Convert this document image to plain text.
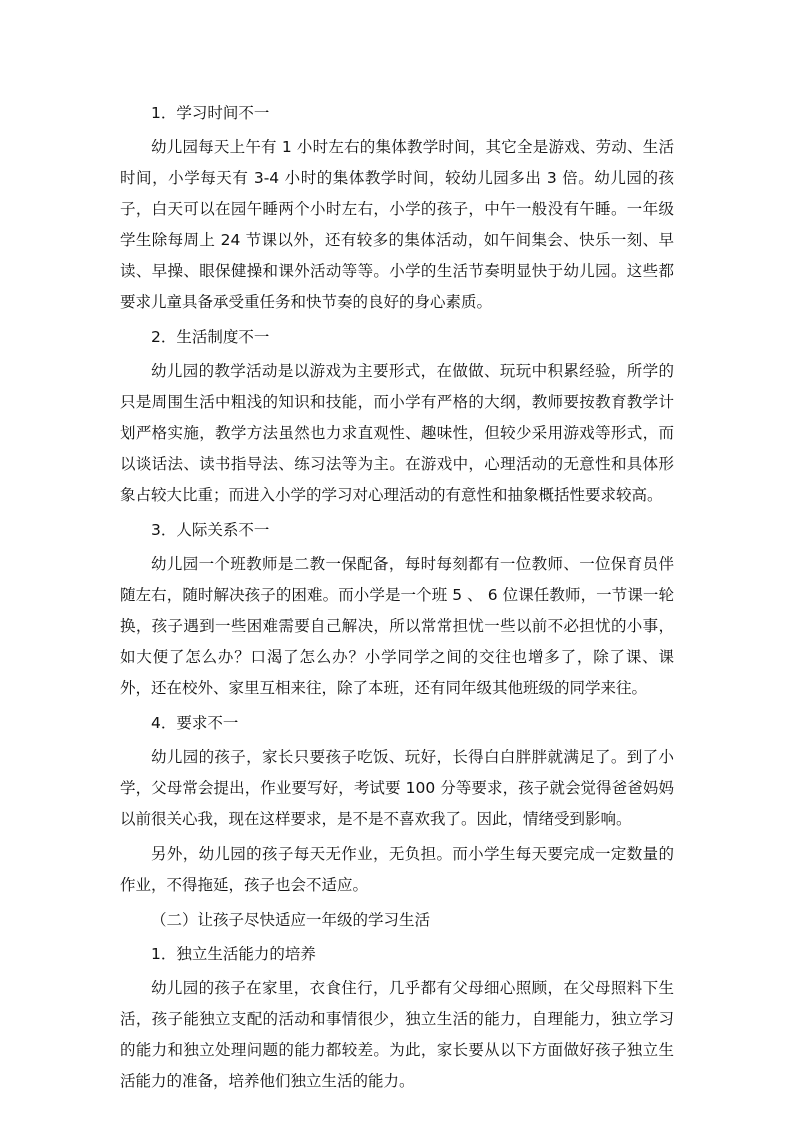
1．学习时间不一

幼儿园每天上午有 1 小时左右的集体教学时间，其它全是游戏、劳动、生活时间，小学每天有 3-4 小时的集体教学时间，较幼儿园多出 3 倍。幼儿园的孩子，白天可以在园午睡两个小时左右，小学的孩子，中午一般没有午睡。一年级学生除每周上 24 节课以外，还有较多的集体活动，如午间集会、快乐一刻、早读、早操、眼保健操和课外活动等等。小学的生活节奏明显快于幼儿园。这些都要求儿童具备承受重任务和快节奏的良好的身心素质。

2．生活制度不一

幼儿园的教学活动是以游戏为主要形式，在做做、玩玩中积累经验，所学的只是周围生活中粗浅的知识和技能，而小学有严格的大纲，教师要按教育教学计划严格实施，教学方法虽然也力求直观性、趣味性，但较少采用游戏等形式，而以谈话法、读书指导法、练习法等为主。在游戏中，心理活动的无意性和具体形象占较大比重；而进入小学的学习对心理活动的有意性和抽象概括性要求较高。

3．人际关系不一

幼儿园一个班教师是二教一保配备，每时每刻都有一位教师、一位保育员伴随左右，随时解决孩子的困难。而小学是一个班 5 、 6 位课任教师，一节课一轮换，孩子遇到一些困难需要自己解决，所以常常担忧一些以前不必担忧的小事，如大便了怎么办？口渴了怎么办？小学同学之间的交往也增多了，除了课、课外，还在校外、家里互相来往，除了本班，还有同年级其他班级的同学来往。

4．要求不一

幼儿园的孩子，家长只要孩子吃饭、玩好，长得白白胖胖就满足了。到了小学，父母常会提出，作业要写好，考试要 100 分等要求，孩子就会觉得爸爸妈妈以前很关心我，现在这样要求，是不是不喜欢我了。因此，情绪受到影响。

另外，幼儿园的孩子每天无作业，无负担。而小学生每天要完成一定数量的作业，不得拖延，孩子也会不适应。

（二）让孩子尽快适应一年级的学习生活
1．独立生活能力的培养

幼儿园的孩子在家里，衣食住行，几乎都有父母细心照顾，在父母照料下生活，孩子能独立支配的活动和事情很少，独立生活的能力，自理能力，独立学习的能力和独立处理问题的能力都较差。为此，家长要从以下方面做好孩子独立生活能力的准备，培养他们独立生活的能力。
